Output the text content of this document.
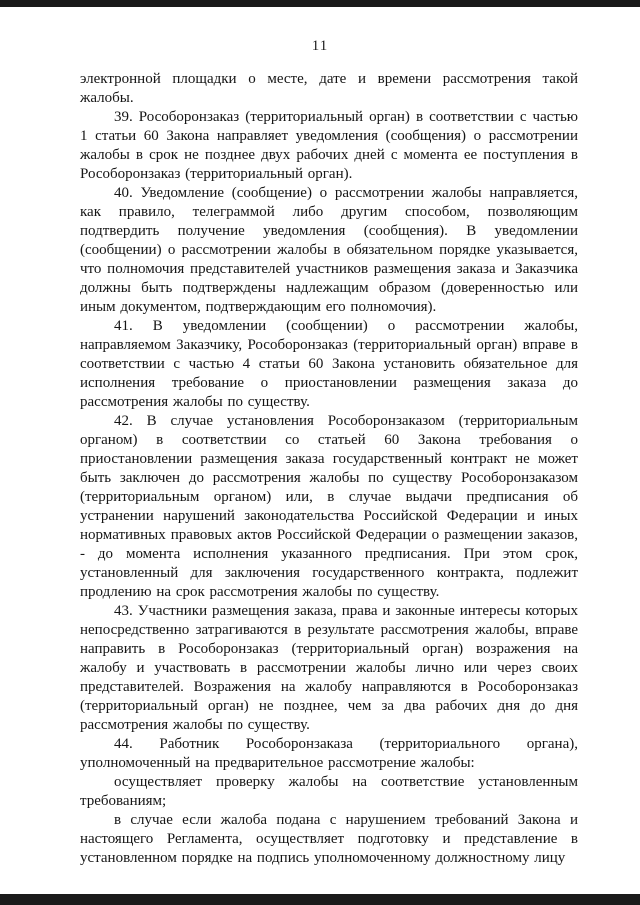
11

электронной площадки о месте, дате и времени рассмотрения такой жалобы.

39. Рособоронзаказ (территориальный орган) в соответствии с частью 1 статьи 60 Закона направляет уведомления (сообщения) о рассмотрении жалобы в срок не позднее двух рабочих дней с момента ее поступления в Рособоронзаказ (территориальный орган).

40. Уведомление (сообщение) о рассмотрении жалобы направляется, как правило, телеграммой либо другим способом, позволяющим подтвердить получение уведомления (сообщения). В уведомлении (сообщении) о рассмотрении жалобы в обязательном порядке указывается, что полномочия представителей участников размещения заказа и Заказчика должны быть подтверждены надлежащим образом (доверенностью или иным документом, подтверждающим его полномочия).

41. В уведомлении (сообщении) о рассмотрении жалобы, направляемом Заказчику, Рособоронзаказ (территориальный орган) вправе в соответствии с частью 4 статьи 60 Закона установить обязательное для исполнения требование о приостановлении размещения заказа до рассмотрения жалобы по существу.

42. В случае установления Рособоронзаказом (территориальным органом) в соответствии со статьей 60 Закона требования о приостановлении размещения заказа государственный контракт не может быть заключен до рассмотрения жалобы по существу Рособоронзаказом (территориальным органом) или, в случае выдачи предписания об устранении нарушений законодательства Российской Федерации и иных нормативных правовых актов Российской Федерации о размещении заказов, - до момента исполнения указанного предписания. При этом срок, установленный для заключения государственного контракта, подлежит продлению на срок рассмотрения жалобы по существу.

43. Участники размещения заказа, права и законные интересы которых непосредственно затрагиваются в результате рассмотрения жалобы, вправе направить в Рособоронзаказ (территориальный орган) возражения на жалобу и участвовать в рассмотрении жалобы лично или через своих представителей. Возражения на жалобу направляются в Рособоронзаказ (территориальный орган) не позднее, чем за два рабочих дня до дня рассмотрения жалобы по существу.

44. Работник Рособоронзаказа (территориального органа), уполномоченный на предварительное рассмотрение жалобы:

осуществляет проверку жалобы на соответствие установленным требованиям;

в случае если жалоба подана с нарушением требований Закона и настоящего Регламента, осуществляет подготовку и представление в установленном порядке на подпись уполномоченному должностному лицу
